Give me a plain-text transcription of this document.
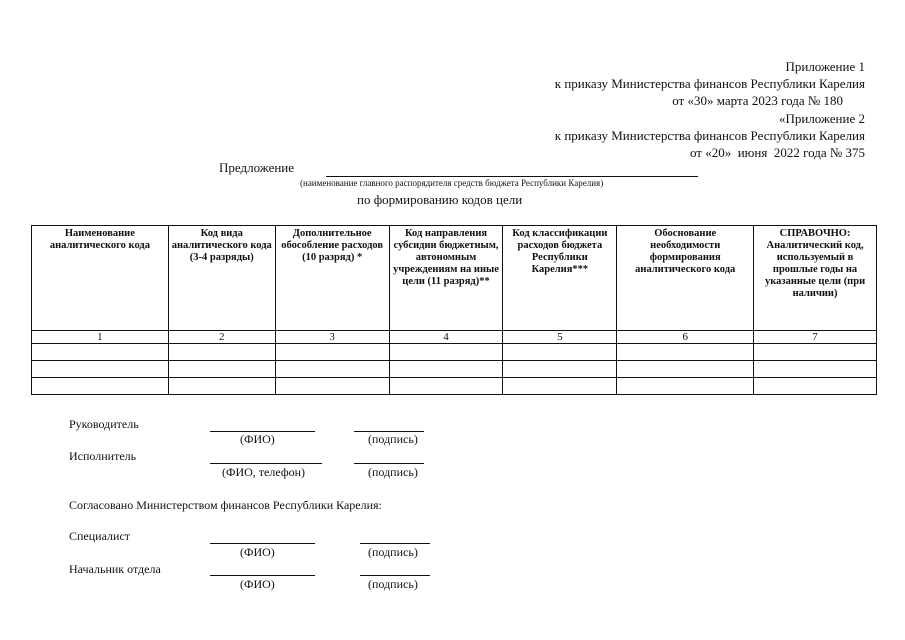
Приложение 1
к приказу Министерства финансов Республики Карелия
от «30» марта 2023 года № 180
«Приложение 2
к приказу Министерства финансов Республики Карелия
от «20»  июня  2022 года № 375
Предложение
(наименование главного распорядителя средств бюджета Республики Карелия)
по формированию кодов цели
Наименование аналитического кода	Код вида аналитического кода (3-4 разряды)	Дополнительное обособление расходов (10 разряд) *	Код направления субсидии бюджетным, автономным учреждениям на иные цели (11 разряд)**	Код классификации расходов бюджета Республики Карелия***	Обоснование необходимости формирования аналитического кода	СПРАВОЧНО: Аналитический код, используемый в прошлые годы на указанные цели (при наличии)
1	2	3	4	5	6	7

Руководитель
(ФИО)	(подпись)
Исполнитель
(ФИО, телефон)	(подпись)
Согласовано Министерством финансов Республики Карелия:
Специалист
(ФИО)	(подпись)
Начальник отдела
(ФИО)	(подпись)
